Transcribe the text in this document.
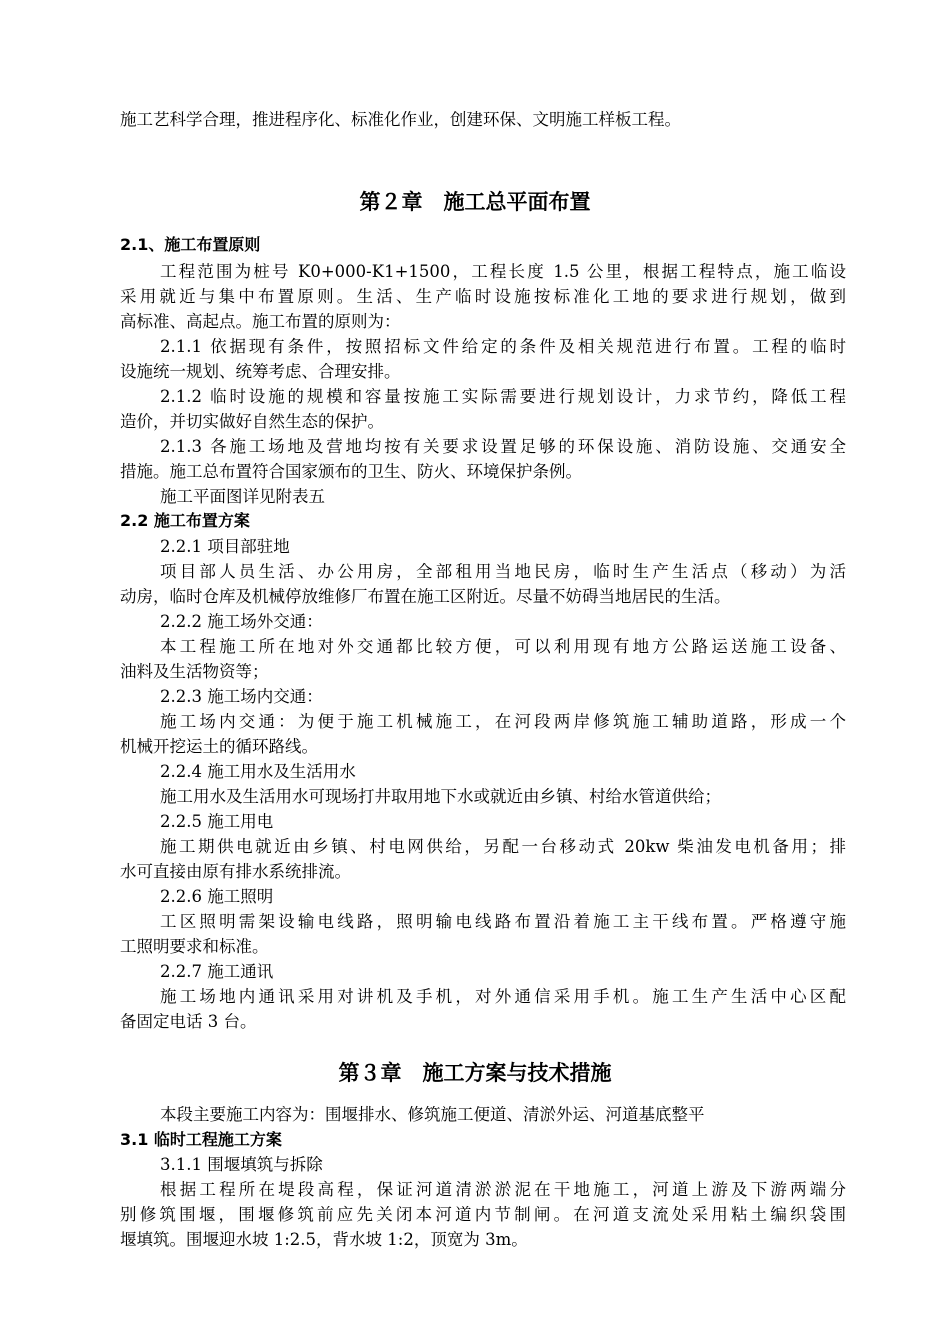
施工艺科学合理，推进程序化、标准化作业，创建环保、文明施工样板工程。
第２章　施工总平面布置
2.1、施工布置原则
工程范围为桩号 K0+000-K1+1500，工程长度 1.5 公里，根据工程特点，施工临设
采用就近与集中布置原则。生活、生产临时设施按标准化工地的要求进行规划，做到
高标准、高起点。施工布置的原则为：
2.1.1 依据现有条件，按照招标文件给定的条件及相关规范进行布置。工程的临时
设施统一规划、统筹考虑、合理安排。
2.1.2 临时设施的规模和容量按施工实际需要进行规划设计，力求节约，降低工程
造价，并切实做好自然生态的保护。
2.1.3 各施工场地及营地均按有关要求设置足够的环保设施、消防设施、交通安全
措施。施工总布置符合国家颁布的卫生、防火、环境保护条例。
施工平面图详见附表五
2.2 施工布置方案
2.2.1 项目部驻地
项目部人员生活、办公用房，全部租用当地民房，临时生产生活点（移动）为活
动房，临时仓库及机械停放维修厂布置在施工区附近。尽量不妨碍当地居民的生活。
2.2.2 施工场外交通：
本工程施工所在地对外交通都比较方便，可以利用现有地方公路运送施工设备、
油料及生活物资等；
2.2.3 施工场内交通：
施工场内交通：为便于施工机械施工，在河段两岸修筑施工辅助道路，形成一个
机械开挖运土的循环路线。
2.2.4 施工用水及生活用水
施工用水及生活用水可现场打井取用地下水或就近由乡镇、村给水管道供给；
2.2.5 施工用电
施工期供电就近由乡镇、村电网供给，另配一台移动式 20kw 柴油发电机备用；排
水可直接由原有排水系统排流。
2.2.6 施工照明
工区照明需架设输电线路，照明输电线路布置沿着施工主干线布置。严格遵守施
工照明要求和标准。
2.2.7 施工通讯
施工场地内通讯采用对讲机及手机，对外通信采用手机。施工生产生活中心区配
备固定电话 3 台。
第３章　施工方案与技术措施
本段主要施工内容为：围堰排水、修筑施工便道、清淤外运、河道基底整平
3.1 临时工程施工方案
3.1.1 围堰填筑与拆除
根据工程所在堤段高程，保证河道清淤淤泥在干地施工，河道上游及下游两端分
别修筑围堰，围堰修筑前应先关闭本河道内节制闸。在河道支流处采用粘土编织袋围
堰填筑。围堰迎水坡 1:2.5，背水坡 1:2，顶宽为 3m。
